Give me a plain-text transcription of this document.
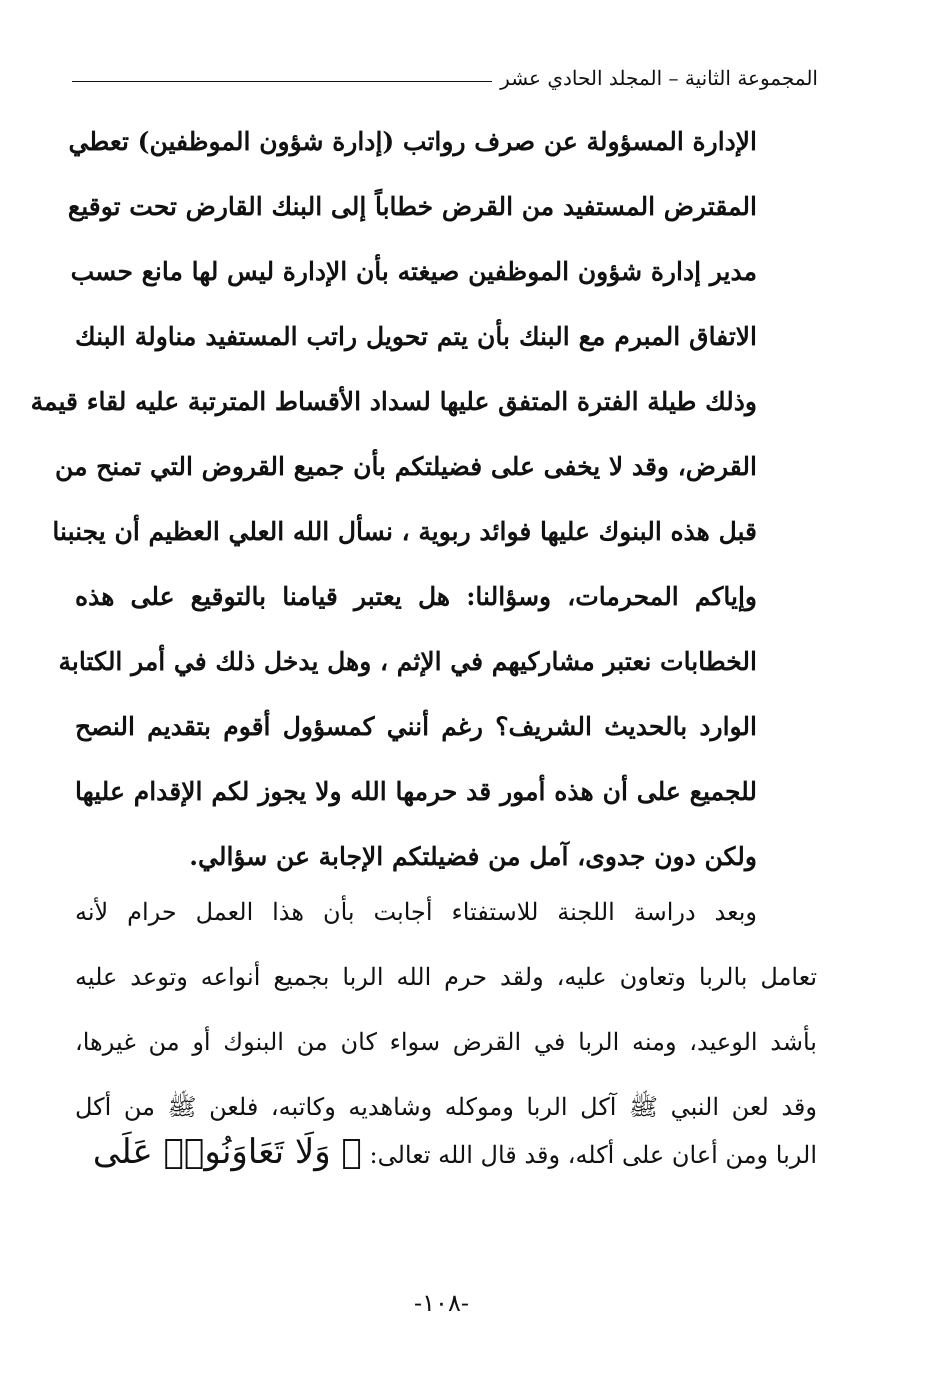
المجموعة الثانية – المجلد الحادي عشر
الإدارة المسؤولة عن صرف رواتب (إدارة شؤون الموظفين) تعطي
المقترض المستفيد من القرض خطاباً إلى البنك القارض تحت توقيع
مدير إدارة شؤون الموظفين صيغته بأن الإدارة ليس لها مانع حسب
الاتفاق المبرم مع البنك بأن يتم تحويل راتب المستفيد مناولة البنك
وذلك طيلة الفترة المتفق عليها لسداد الأقساط المترتبة عليه لقاء قيمة
القرض، وقد لا يخفى على فضيلتكم بأن جميع القروض التي تمنح من
قبل هذه البنوك عليها فوائد ربوية ، نسأل الله العلي العظيم أن يجنبنا
وإياكم المحرمات، وسؤالنا: هل يعتبر قيامنا بالتوقيع على هذه
الخطابات نعتبر مشاركيهم في الإثم ، وهل يدخل ذلك في أمر الكتابة
الوارد بالحديث الشريف؟ رغم أنني كمسؤول أقوم بتقديم النصح
للجميع على أن هذه أمور قد حرمها الله ولا يجوز لكم الإقدام عليها
ولكن دون جدوى، آمل من فضيلتكم الإجابة عن سؤالي.
وبعد دراسة اللجنة للاستفتاء أجابت بأن هذا العمل حرام لأنه
تعامل بالربا وتعاون عليه، ولقد حرم الله الربا بجميع أنواعه وتوعد عليه
بأشد الوعيد، ومنه الربا في القرض سواء كان من البنوك أو من غيرها،
وقد لعن النبي ﷺ آكل الربا وموكله وشاهديه وكاتبه، فلعن ﷺ من أكل
الربا ومن أعان على أكله، وقد قال الله تعالى: ﴿ وَلَا تَعَاوَنُوا۟ عَلَى
-١٠٨-
